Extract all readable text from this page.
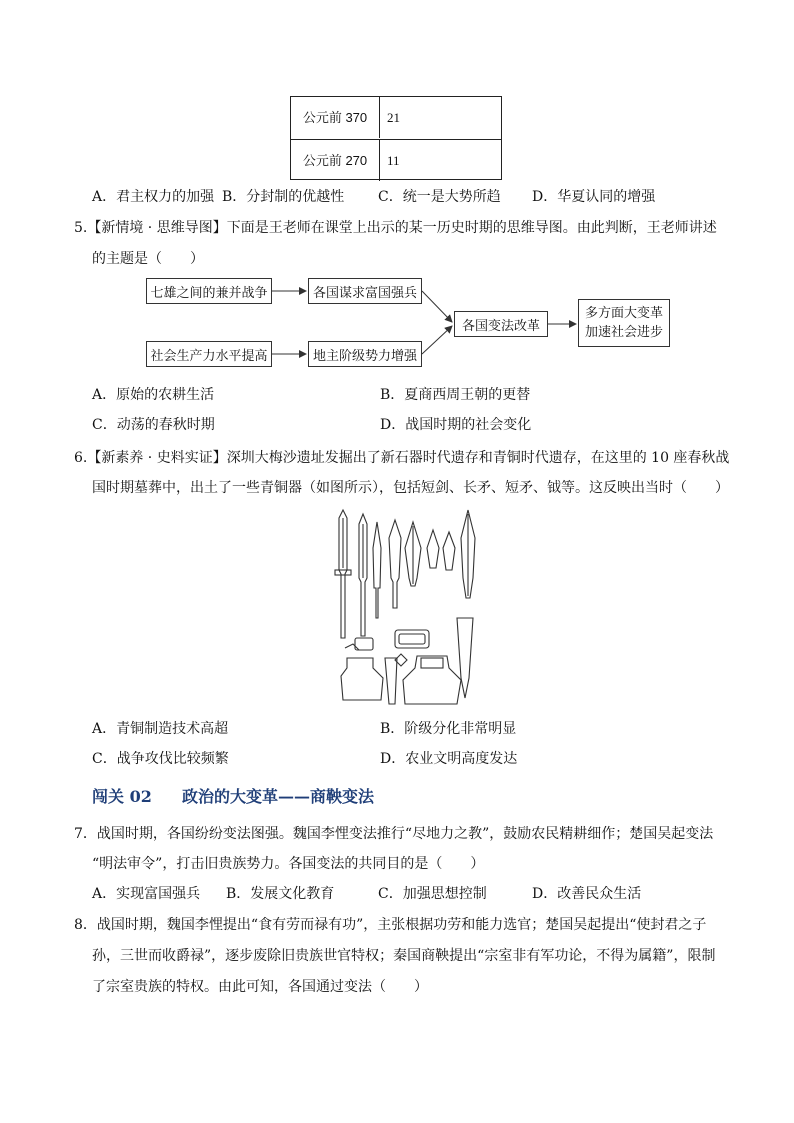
公元前 370	21
公元前 270	11
A．君主权力的加强 B．分封制的优越性 C．统一是大势所趋 D．华夏认同的增强
5.【新情境 · 思维导图】下面是王老师在课堂上出示的某一历史时期的思维导图。由此判断，王老师讲述
的主题是（　　）
七雄之间的兼并战争	各国谋求富国强兵
社会生产力水平提高	地主阶级势力增强
各国变法改革
多方面大变革
加速社会进步
A．原始的农耕生活	B．夏商西周王朝的更替
C．动荡的春秋时期	D．战国时期的社会变化
6.【新素养 · 史料实证】深圳大梅沙遗址发掘出了新石器时代遗存和青铜时代遗存，在这里的 10 座春秋战
国时期墓葬中，出土了一些青铜器（如图所示），包括短剑、长矛、短矛、钺等。这反映出当时（　　）
A．青铜制造技术高超	B．阶级分化非常明显
C．战争攻伐比较频繁	D．农业文明高度发达
闯关 02 政治的大变革——商鞅变法
7．战国时期，各国纷纷变法图强。魏国李悝变法推行“尽地力之教”，鼓励农民精耕细作；楚国吴起变法
“明法审令”，打击旧贵族势力。各国变法的共同目的是（　　）
A．实现富国强兵 B．发展文化教育	C．加强思想控制	D．改善民众生活
8．战国时期，魏国李悝提出“食有劳而禄有功”，主张根据功劳和能力选官；楚国吴起提出“使封君之子
孙，三世而收爵禄”，逐步废除旧贵族世官特权；秦国商鞅提出“宗室非有军功论，不得为属籍”，限制
了宗室贵族的特权。由此可知，各国通过变法（　　）
